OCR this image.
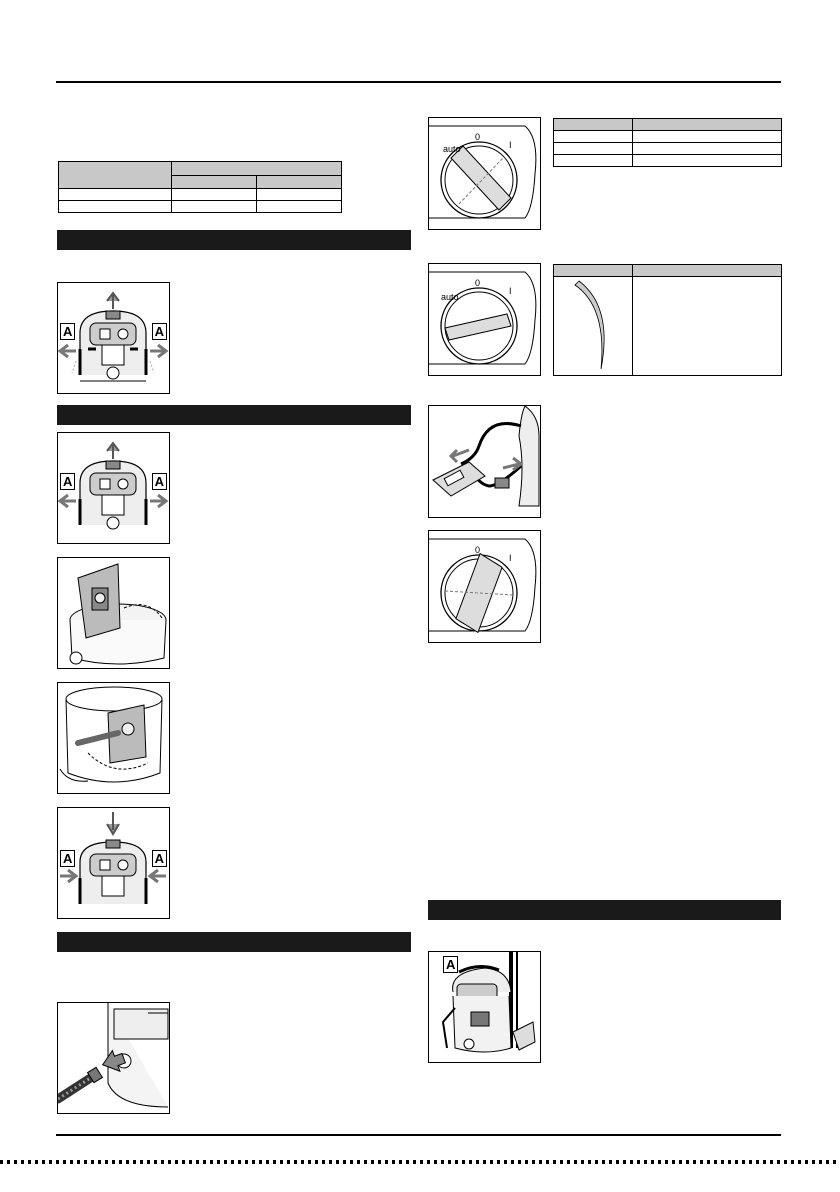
A	A
A	A
A	A
0
auto	I

0
auto
I

0
I
A
